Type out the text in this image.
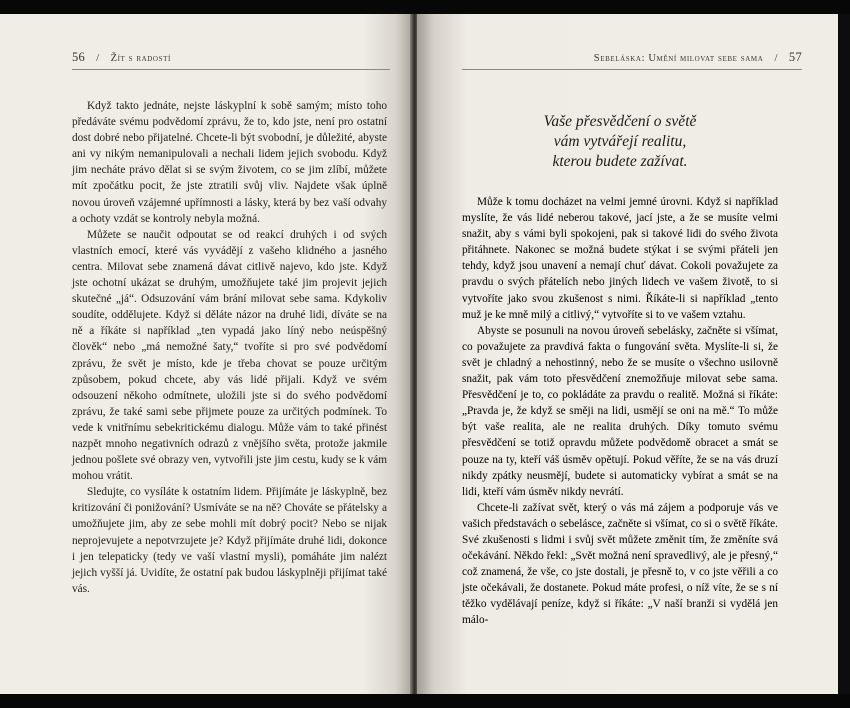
56 / Žít s radostí

Když takto jednáte, nejste láskyplní k sobě samým; místo toho předáváte svému podvědomí zprávu, že to, kdo jste, není pro ostatní dost dobré nebo přijatelné. Chcete-li být svobodní, je důležité, abyste ani vy nikým nemanipulovali a nechali lidem jejich svobodu. Když jim necháte právo dělat si se svým životem, co se jim zlíbí, můžete mít zpočátku pocit, že jste ztratili svůj vliv. Najdete však úplně novou úroveň vzájemné upřímnosti a lásky, která by bez vaší odvahy a ochoty vzdát se kontroly nebyla možná.

Můžete se naučit odpoutat se od reakcí druhých i od svých vlastních emocí, které vás vyvádějí z vašeho klidného a jasného centra. Milovat sebe znamená dávat citlivě najevo, kdo jste. Když jste ochotní ukázat se druhým, umožňujete také jim projevit jejich skutečné „já“. Odsuzování vám brání milovat sebe sama. Kdykoliv soudíte, oddělujete. Když si děláte názor na druhé lidi, díváte se na ně a říkáte si například „ten vypadá jako líný nebo neúspěšný člověk“ nebo „má nemožné šaty,“ tvoříte si pro své podvědomí zprávu, že svět je místo, kde je třeba chovat se pouze určitým způsobem, pokud chcete, aby vás lidé přijali. Když ve svém odsouzení někoho odmítnete, uložili jste si do svého podvědomí zprávu, že také sami sebe přijmete pouze za určitých podmínek. To vede k vnitřnímu sebekritickému dialogu. Může vám to také přinést nazpět mnoho negativních odrazů z vnějšího světa, protože jakmile jednou pošlete své obrazy ven, vytvořili jste jim cestu, kudy se k vám mohou vrátit.

Sledujte, co vysíláte k ostatním lidem. Přijímáte je láskyplně, bez kritizování či ponižování? Usmíváte se na ně? Chováte se přátelsky a umožňujete jim, aby ze sebe mohli mít dobrý pocit? Nebo se nijak neprojevujete a nepotvrzujete je? Když přijímáte druhé lidi, dokonce i jen telepaticky (tedy ve vaší vlastní mysli), pomáháte jim nalézt jejich vyšší já. Uvidíte, že ostatní pak budou láskyplněji přijímat také vás.

Sebeláska: Umění milovat sebe sama / 57
Vaše přesvědčení o světě
vám vytvářejí realitu,
kterou budete zažívat.

Může k tomu docházet na velmi jemné úrovni. Když si například myslíte, že vás lidé neberou takové, jací jste, a že se musíte velmi snažit, aby s vámi byli spokojeni, pak si takové lidi do svého života přitáhnete. Nakonec se možná budete stýkat i se svými přáteli jen tehdy, když jsou unavení a nemají chuť dávat. Cokoli považujete za pravdu o svých přátelích nebo jiných lidech ve vašem životě, to si vytvoříte jako svou zkušenost s nimi. Říkáte-li si například „tento muž je ke mně milý a citlivý,“ vytvoříte si to ve vašem vztahu.

Abyste se posunuli na novou úroveň sebelásky, začněte si všímat, co považujete za pravdivá fakta o fungování světa. Myslíte-li si, že svět je chladný a nehostinný, nebo že se musíte o všechno usilovně snažit, pak vám toto přesvědčení znemožňuje milovat sebe sama. Přesvědčení je to, co pokládáte za pravdu o realitě. Možná si říkáte: „Pravda je, že když se směji na lidi, usmějí se oni na mě.“ To může být vaše realita, ale ne realita druhých. Díky tomuto svému přesvědčení se totiž opravdu můžete podvědomě obracet a smát se pouze na ty, kteří váš úsměv opětují. Pokud věříte, že se na vás druzí nikdy zpátky neusmějí, budete si automaticky vybírat a smát se na lidi, kteří vám úsměv nikdy nevrátí.

Chcete-li zažívat svět, který o vás má zájem a podporuje vás ve vašich představách o sebelásce, začněte si všímat, co si o světě říkáte. Své zkušenosti s lidmi i svůj svět můžete změnit tím, že změníte svá očekávání. Někdo řekl: „Svět možná není spravedlivý, ale je přesný,“ což znamená, že vše, co jste dostali, je přesně to, v co jste věřili a co jste očekávali, že dostanete. Pokud máte profesi, o níž víte, že se s ní těžko vydělávají peníze, když si říkáte: „V naší branži si vydělá jen málo-
